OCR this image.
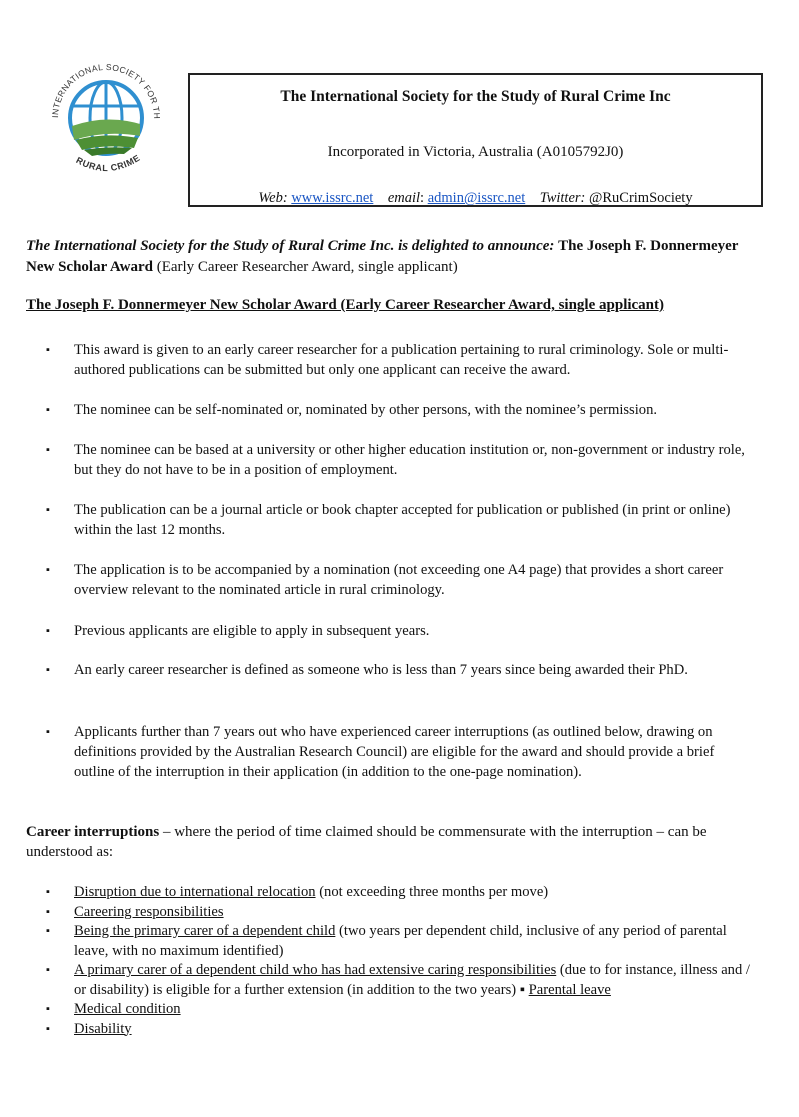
INTERNATIONAL SOCIETY FOR TH
RURAL CRIME
The International Society for the Study of Rural Crime Inc
Incorporated in Victoria, Australia (A0105792J0)
Web: www.issrc.net email: admin@issrc.net Twitter: @RuCrimSociety
The International Society for the Study of Rural Crime Inc. is delighted to announce: The Joseph F. Donnermeyer New Scholar Award (Early Career Researcher Award, single applicant)
The Joseph F. Donnermeyer New Scholar Award (Early Career Researcher Award, single applicant)
▪ This award is given to an early career researcher for a publication pertaining to rural criminology. Sole or multi-authored publications can be submitted but only one applicant can receive the award.
▪ The nominee can be self-nominated or, nominated by other persons, with the nominee’s permission.
▪ The nominee can be based at a university or other higher education institution or, non-government or industry role, but they do not have to be in a position of employment.
▪ The publication can be a journal article or book chapter accepted for publication or published (in print or online) within the last 12 months.
▪ The application is to be accompanied by a nomination (not exceeding one A4 page) that provides a short career overview relevant to the nominated article in rural criminology.
▪ Previous applicants are eligible to apply in subsequent years.
▪ An early career researcher is defined as someone who is less than 7 years since being awarded their PhD.
▪ Applicants further than 7 years out who have experienced career interruptions (as outlined below, drawing on definitions provided by the Australian Research Council) are eligible for the award and should provide a brief outline of the interruption in their application (in addition to the one-page nomination).
Career interruptions – where the period of time claimed should be commensurate with the interruption – can be understood as:
▪ Disruption due to international relocation (not exceeding three months per move)
▪ Careering responsibilities
▪ Being the primary carer of a dependent child (two years per dependent child, inclusive of any period of parental leave, with no maximum identified)
▪ A primary carer of a dependent child who has had extensive caring responsibilities (due to for instance, illness and / or disability) is eligible for a further extension (in addition to the two years) ▪ Parental leave
▪ Medical condition
▪ Disability
